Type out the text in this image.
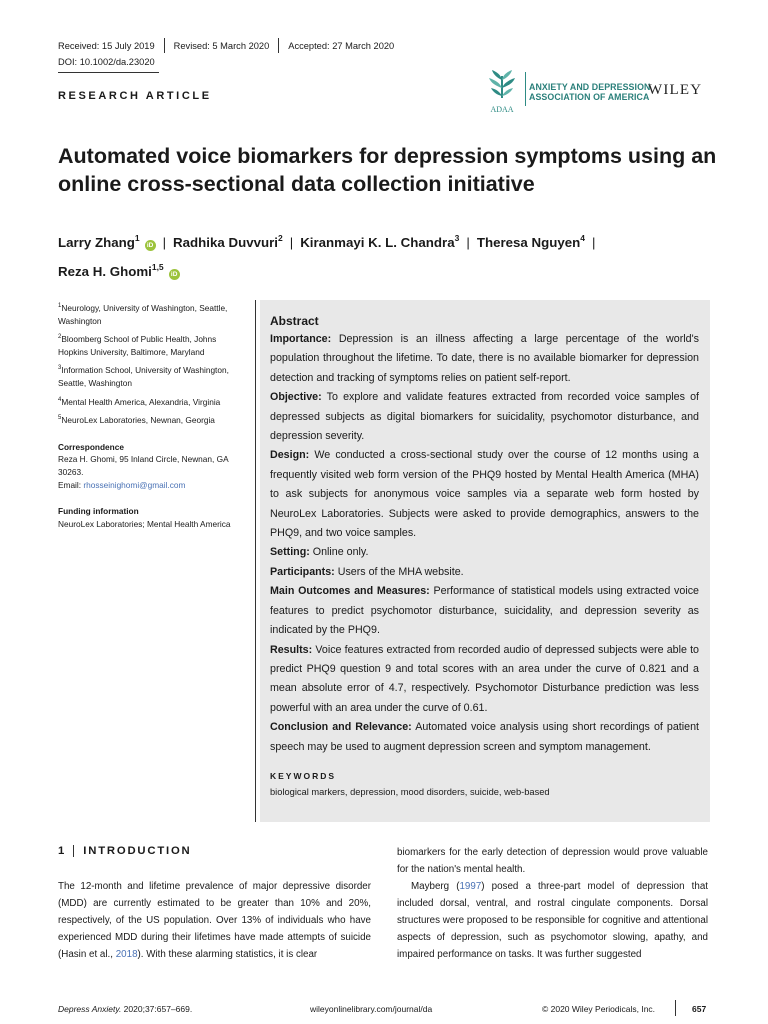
Received: 15 July 2019 Revised: 5 March 2020 Accepted: 27 March 2020
DOI: 10.1002/da.23020
RESEARCH ARTICLE
ADAA
ANXIETY AND DEPRESSION
ASSOCIATION OF AMERICA
WILEY
Automated voice biomarkers for depression symptoms using an online cross-sectional data collection initiative
Larry Zhang$^1$iD | Radhika Duvvuri$^2$ | Kiranmayi K. L. Chandra$^3$ | Theresa Nguyen$^4$ |
Reza H. Ghomi$^{1,5}$iD

$^1$Neurology, University of Washington, Seattle, Washington

$^2$Bloomberg School of Public Health, Johns Hopkins University, Baltimore, Maryland

$^3$Information School, University of Washington, Seattle, Washington

$^4$Mental Health America, Alexandria, Virginia

$^5$NeuroLex Laboratories, Newnan, Georgia

Correspondence

Reza H. Ghomi, 95 Inland Circle, Newnan, GA 30263.

Email: rhosseinighomi@gmail.com

Funding information

NeuroLex Laboratories; Mental Health America

Abstract

Importance: Depression is an illness affecting a large percentage of the world's population throughout the lifetime. To date, there is no available biomarker for depression detection and tracking of symptoms relies on patient self-report.

Objective: To explore and validate features extracted from recorded voice samples of depressed subjects as digital biomarkers for suicidality, psychomotor disturbance, and depression severity.

Design: We conducted a cross-sectional study over the course of 12 months using a frequently visited web form version of the PHQ9 hosted by Mental Health America (MHA) to ask subjects for anonymous voice samples via a separate web form hosted by NeuroLex Laboratories. Subjects were asked to provide demographics, answers to the PHQ9, and two voice samples.

Setting: Online only.

Participants: Users of the MHA website.

Main Outcomes and Measures: Performance of statistical models using extracted voice features to predict psychomotor disturbance, suicidality, and depression severity as indicated by the PHQ9.

Results: Voice features extracted from recorded audio of depressed subjects were able to predict PHQ9 question 9 and total scores with an area under the curve of 0.821 and a mean absolute error of 4.7, respectively. Psychomotor Disturbance prediction was less powerful with an area under the curve of 0.61.

Conclusion and Relevance: Automated voice analysis using short recordings of patient speech may be used to augment depression screen and symptom management.

KEYWORDS
biological markers, depression, mood disorders, suicide, web-based
1 INTRODUCTION

The 12-month and lifetime prevalence of major depressive disorder (MDD) are currently estimated to be greater than 10% and 20%, respectively, of the US population. Over 13% of individuals who have experienced MDD during their lifetimes have made attempts of suicide (Hasin et al., 2018). With these alarming statistics, it is clear

biomarkers for the early detection of depression would prove valuable for the nation's mental health.

Mayberg (1997) posed a three-part model of depression that included dorsal, ventral, and rostral cingulate components. Dorsal structures were proposed to be responsible for cognitive and attentional aspects of depression, such as psychomotor slowing, apathy, and impaired performance on tasks. It was further suggested

Depress Anxiety. 2020;37:657–669.	wileyonlinelibrary.com/journal/da	© 2020 Wiley Periodicals, Inc.	657
